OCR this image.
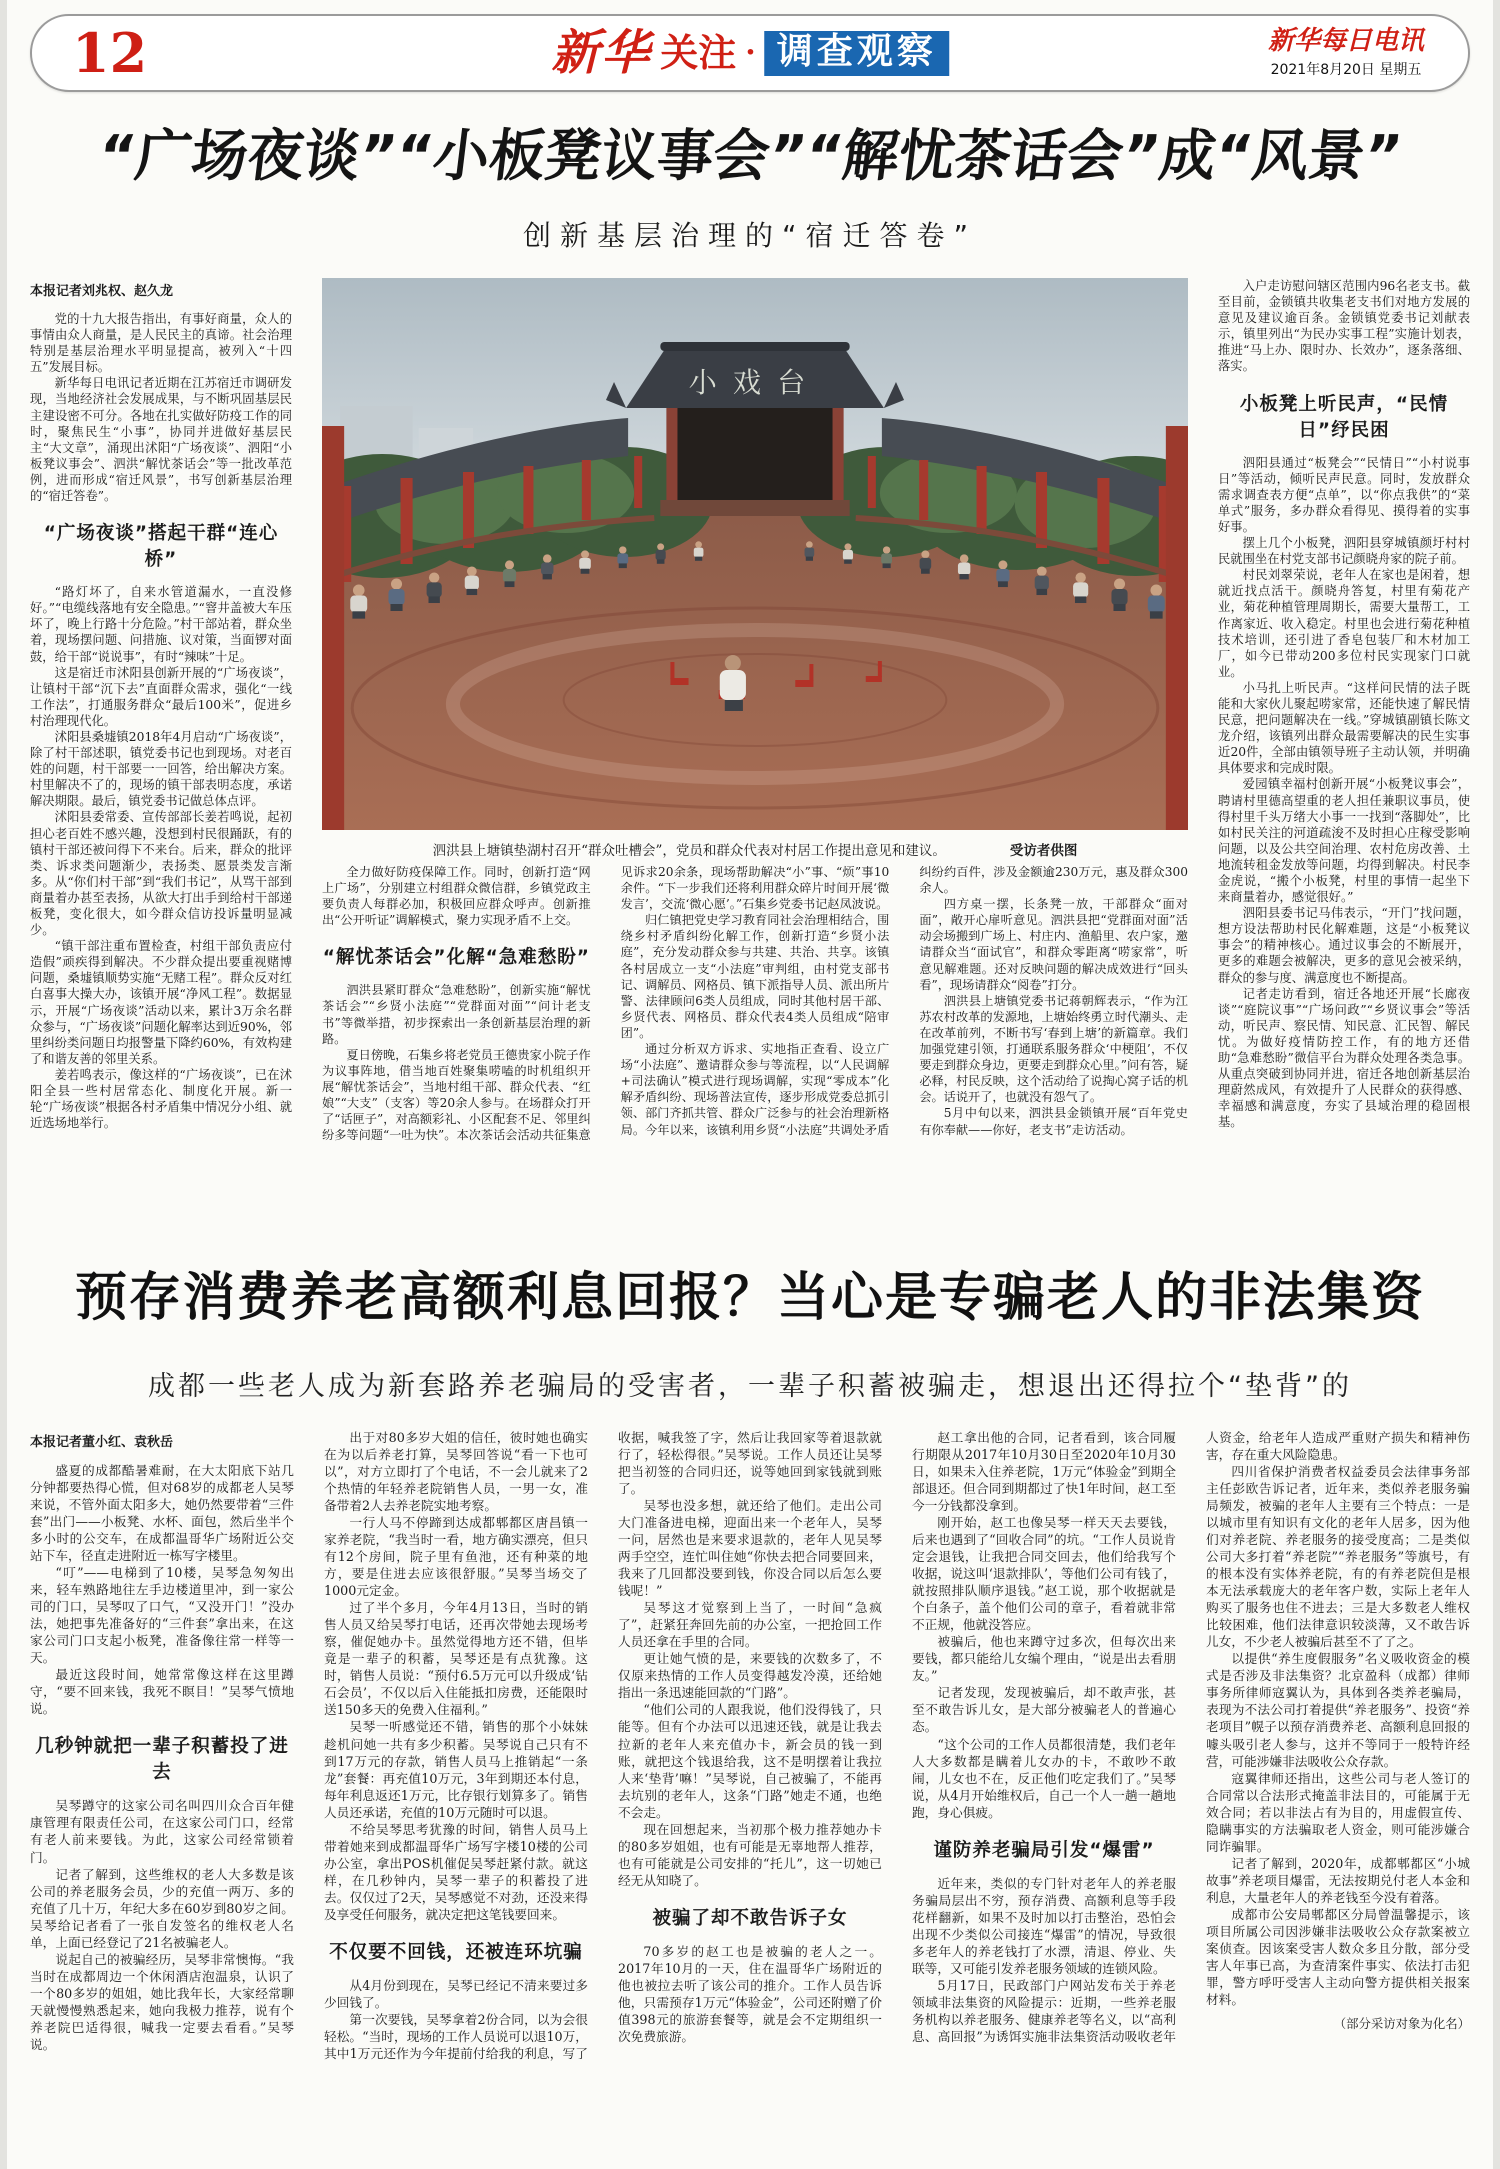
12	新华 关注 · 调查观察	新华每日电讯
2021年8月20日 星期五
“广场夜谈”“小板凳议事会”“解忧茶话会”成“风景”
创新基层治理的“宿迁答卷”

本报记者刘兆权、赵久龙

党的十九大报告指出，有事好商量，众人的事情由众人商量，是人民民主的真谛。社会治理特别是基层治理水平明显提高，被列入“十四五”发展目标。

新华每日电讯记者近期在江苏宿迁市调研发现，当地经济社会发展成果，与不断巩固基层民主建设密不可分。各地在扎实做好防疫工作的同时，聚焦民生“小事”，协同并进做好基层民主“大文章”，涌现出沭阳“广场夜谈”、泗阳“小板凳议事会”、泗洪“解忧茶话会”等一批改革范例，进而形成“宿迁风景”，书写创新基层治理的“宿迁答卷”。

“广场夜谈”搭起干群“连心桥”

“路灯坏了，自来水管道漏水，一直没修好。”“电缆线落地有安全隐患。”“窨井盖被大车压坏了，晚上行路十分危险。”村干部站着，群众坐着，现场摆问题、问措施、议对策，当面锣对面鼓，给干部“说说事”，有时“辣味”十足。

这是宿迁市沭阳县创新开展的“广场夜谈”，让镇村干部“沉下去”直面群众需求，强化“一线工作法”，打通服务群众“最后100米”，促进乡村治理现代化。

沭阳县桑墟镇2018年4月启动“广场夜谈”，除了村干部述职，镇党委书记也到现场。对老百姓的问题，村干部要一一回答，给出解决方案。村里解决不了的，现场的镇干部表明态度，承诺解决期限。最后，镇党委书记做总体点评。

沭阳县委常委、宣传部部长姜若鸣说，起初担心老百姓不感兴趣，没想到村民很踊跃，有的镇村干部还被问得下不来台。后来，群众的批评类、诉求类问题渐少，表扬类、愿景类发言渐多。从“你们村干部”到“我们书记”，从骂干部到商量着办甚至表扬，从欲大打出手到给村干部递板凳，变化很大，如今群众信访投诉量明显减少。

“镇干部注重布置检查，村组干部负责应付造假”顽疾得到解决。不少群众提出要重视赌博问题，桑墟镇顺势实施“无赌工程”。群众反对红白喜事大操大办，该镇开展“净风工程”。数据显示，开展“广场夜谈”活动以来，累计3万余名群众参与，“广场夜谈”问题化解率达到近90%，邻里纠纷类问题日均报警量下降约60%，有效构建了和谐友善的邻里关系。

姜若鸣表示，像这样的“广场夜谈”，已在沭阳全县一些村居常态化、制度化开展。新一轮“广场夜谈”根据各村矛盾集中情况分小组、就近选场地举行。

小戏台
泗洪县上塘镇垫湖村召开“群众吐槽会”，党员和群众代表对村居工作提出意见和建议。	受访者供图

全力做好防疫保障工作。同时，创新打造“网上广场”，分别建立村组群众微信群，乡镇党政主要负责人每群必加，积极回应群众呼声。创新推出“公开听证”调解模式，聚力实现矛盾不上交。

“解忧茶话会”化解“急难愁盼”

泗洪县紧盯群众“急难愁盼”，创新实施“解忧茶话会”“乡贤小法庭”“党群面对面”“问计老支书”等微举措，初步探索出一条创新基层治理的新路。

夏日傍晚，石集乡将老党员王德贵家小院子作为议事阵地，借当地百姓聚集唠嗑的时机组织开展“解忧茶话会”，当地村组干部、群众代表、“红娘”“大支”（支客）等20余人参与。在场群众打开了“话匣子”，对高额彩礼、小区配套不足、邻里纠纷多等问题“一吐为快”。本次茶话会活动共征集意见诉求20余条，现场帮助解决“小”事、“烦”事10余件。“下一步我们还将利用群众碎片时间开展‘微发言’，交流‘微心愿’。”石集乡党委书记赵凤波说。

归仁镇把党史学习教育同社会治理相结合，围绕乡村矛盾纠纷化解工作，创新打造“乡贤小法庭”，充分发动群众参与共建、共治、共享。该镇各村居成立一支“小法庭”审判组，由村党支部书记、调解员、网格员、镇下派指导人员、派出所片警、法律顾问6类人员组成，同时其他村居干部、乡贤代表、网格员、群众代表4类人员组成“陪审团”。

通过分析双方诉求、实地指正查看、设立广场“小法庭”、邀请群众参与等流程，以“人民调解+司法确认”模式进行现场调解，实现“零成本”化解矛盾纠纷、现场普法宣传，逐步形成党委总抓引领、部门齐抓共管、群众广泛参与的社会治理新格局。今年以来，该镇利用乡贤“小法庭”共调处矛盾纠纷约百件，涉及金额逾230万元，惠及群众300余人。

四方桌一摆，长条凳一放，干部群众“面对面”，敞开心扉听意见。泗洪县把“党群面对面”活动会场搬到广场上、村庄内、渔船里、农户家，邀请群众当“面试官”，和群众零距离“唠家常”，听意见解难题。还对反映问题的解决成效进行“回头看”，现场请群众“阅卷”打分。

泗洪县上塘镇党委书记蒋朝辉表示，“作为江苏农村改革的发源地，上塘始终勇立时代潮头、走在改革前列，不断书写‘春到上塘’的新篇章。我们加强党建引领，打通联系服务群众‘中梗阻’，不仅要走到群众身边，更要走到群众心里。”问有答，疑必释，村民反映，这个活动给了说掏心窝子话的机会。话说开了，也就没有怨气了。

5月中旬以来，泗洪县金锁镇开展“百年党史有你奉献——你好，老支书”走访活动。

入户走访慰问辖区范围内96名老支书。截至目前，金锁镇共收集老支书们对地方发展的意见及建议逾百条。金锁镇党委书记刘献表示，镇里列出“为民办实事工程”实施计划表，推进“马上办、限时办、长效办”，逐条落细、落实。

小板凳上听民声，“民情日”纾民困

泗阳县通过“板凳会”“民情日”“小村说事日”等活动，倾听民声民意。同时，发放群众需求调查表方便“点单”，以“你点我供”的“菜单式”服务，多办群众看得见、摸得着的实事好事。

摆上几个小板凳，泗阳县穿城镇颜圩村村民就围坐在村党支部书记颜晓舟家的院子前。

村民刘翠荣说，老年人在家也是闲着，想就近找点活干。颜晓舟答复，村里有菊花产业，菊花种植管理周期长，需要大量帮工，工作离家近、收入稳定。村里也会进行菊花种植技术培训，还引进了香皂包装厂和木材加工厂，如今已带动200多位村民实现家门口就业。

小马扎上听民声。“这样问民情的法子既能和大家伙儿聚起唠家常，还能快速了解民情民意，把问题解决在一线。”穿城镇副镇长陈文龙介绍，该镇列出群众最需要解决的民生实事近20件，全部由镇领导班子主动认领，并明确具体要求和完成时限。

爱园镇幸福村创新开展“小板凳议事会”，聘请村里德高望重的老人担任兼职议事员，使得村里千头万绪大小事一一找到“落脚处”，比如村民关注的河道疏浚不及时担心庄稼受影响问题，以及公共空间治理、农村危房改善、土地流转租金发放等问题，均得到解决。村民李金虎说，“搬个小板凳，村里的事情一起坐下来商量着办，感觉很好。”

泗阳县委书记马伟表示，“开门”找问题，想方设法帮助村民化解难题，这是“小板凳议事会”的精神核心。通过议事会的不断展开，更多的难题会被解决，更多的意见会被采纳，群众的参与度、满意度也不断提高。

记者走访看到，宿迁各地还开展“长廊夜谈”“庭院议事”“广场问政”“乡贤议事会”等活动，听民声、察民情、知民意、汇民智、解民忧。为做好疫情防控工作，有的地方还借助“急难愁盼”微信平台为群众处理各类急事。从重点突破到协同并进，宿迁各地创新基层治理蔚然成风，有效提升了人民群众的获得感、幸福感和满意度，夯实了县域治理的稳固根基。

预存消费养老高额利息回报？当心是专骗老人的非法集资
成都一些老人成为新套路养老骗局的受害者，一辈子积蓄被骗走，想退出还得拉个“垫背”的

本报记者董小红、袁秋岳

盛夏的成都酷暑难耐，在大太阳底下站几分钟都要热得心慌，但对68岁的成都老人吴琴来说，不管外面太阳多大，她仍然要带着“三件套”出门——小板凳、水杯、面包，然后坐半个多小时的公交车，在成都温哥华广场附近公交站下车，径直走进附近一栋写字楼里。

“叮”——电梯到了10楼，吴琴急匆匆出来，轻车熟路地往左手边楼道里冲，到一家公司的门口，吴琴叹了口气，“又没开门！”没办法，她把事先准备好的“三件套”拿出来，在这家公司门口支起小板凳，准备像往常一样等一天。

最近这段时间，她常常像这样在这里蹲守，“要不回来钱，我死不瞑目！”吴琴气愤地说。

几秒钟就把一辈子积蓄投了进去

吴琴蹲守的这家公司名叫四川众合百年健康管理有限责任公司，在这家公司门口，经常有老人前来要钱。为此，这家公司经常锁着门。

记者了解到，这些维权的老人大多数是该公司的养老服务会员，少的充值一两万、多的充值了几十万，年纪大多在60岁到80岁之间。吴琴给记者看了一张自发签名的维权老人名单，上面已经登记了21名被骗老人。

说起自己的被骗经历，吴琴非常懊悔。“我当时在成都周边一个休闲酒店泡温泉，认识了一个80多岁的姐姐，她比我年长，大家经常聊天就慢慢熟悉起来，她向我极力推荐，说有个养老院巴适得很，喊我一定要去看看。”吴琴说。

出于对80多岁大姐的信任，彼时她也确实在为以后养老打算，吴琴回答说“看一下也可以”，对方立即打了个电话，不一会儿就来了2个热情的年轻养老院销售人员，一男一女，准备带着2人去养老院实地考察。

一行人马不停蹄到达成都郫都区唐昌镇一家养老院，“我当时一看，地方确实漂亮，但只有12个房间，院子里有鱼池，还有种菜的地方，要是住进去应该很舒服。”吴琴当场交了1000元定金。

过了半个多月，今年4月13日，当时的销售人员又给吴琴打电话，还再次带她去现场考察，催促她办卡。虽然觉得地方还不错，但毕竟是一辈子的积蓄，吴琴还是有点犹豫。这时，销售人员说：“预付6.5万元可以升级成‘钻石会员’，不仅以后入住能抵扣房费，还能限时送150多天的免费入住福利。”

吴琴一听感觉还不错，销售的那个小妹妹趁机问她一共有多少积蓄。吴琴说自己只有不到17万元的存款，销售人员马上推销起“一条龙”套餐：再充值10万元，3年到期还本付息，每年利息返还1万元，比存银行划算多了。销售人员还承诺，充值的10万元随时可以退。

不给吴琴思考犹豫的时间，销售人员马上带着她来到成都温哥华广场写字楼10楼的公司办公室，拿出POS机催促吴琴赶紧付款。就这样，在几秒钟内，吴琴一辈子的积蓄投了进去。仅仅过了2天，吴琴感觉不对劲，还没来得及享受任何服务，就决定把这笔钱要回来。

不仅要不回钱，还被连环坑骗

从4月份到现在，吴琴已经记不清来要过多少回钱了。

第一次要钱，吴琴拿着2份合同，以为会很轻松。“当时，现场的工作人员说可以退10万，其中1万元还作为今年提前付给我的利息，写了收据，喊我签了字，然后让我回家等着退款就行了，轻松得很。”吴琴说。工作人员还让吴琴把当初签的合同归还，说等她回到家钱就到账了。

吴琴也没多想，就还给了他们。走出公司大门准备进电梯，迎面出来一个老年人，吴琴一问，居然也是来要求退款的，老年人见吴琴两手空空，连忙叫住她“你快去把合同要回来，我来了几回都没要到钱，你没合同以后怎么要钱呢！”

吴琴这才觉察到上当了，一时间“急疯了”，赶紧狂奔回先前的办公室，一把抢回工作人员还拿在手里的合同。

更让她气愤的是，来要钱的次数多了，不仅原来热情的工作人员变得越发冷漠，还给她指出一条迅速能回款的“门路”。

“他们公司的人跟我说，他们没得钱了，只能等。但有个办法可以迅速还钱，就是让我去拉新的老年人来充值办卡，新会员的钱一到账，就把这个钱退给我，这不是明摆着让我拉人来‘垫背’嘛！”吴琴说，自己被骗了，不能再去坑别的老年人，这条“门路”她走不通，也绝不会走。

现在回想起来，当初那个极力推荐她办卡的80多岁姐姐，也有可能是无辜地帮人推荐，也有可能就是公司安排的“托儿”，这一切她已经无从知晓了。

被骗了却不敢告诉子女

70多岁的赵工也是被骗的老人之一。2017年10月的一天，住在温哥华广场附近的他也被拉去听了该公司的推介。工作人员告诉他，只需预存1万元“体验金”，公司还附赠了价值398元的旅游套餐等，就是会不定期组织一次免费旅游。

赵工拿出他的合同，记者看到，该合同履行期限从2017年10月30日至2020年10月30日，如果未入住养老院，1万元“体验金”到期全部退还。但合同到期都过了快1年时间，赵工至今一分钱都没拿到。

刚开始，赵工也像吴琴一样天天去要钱，后来也遇到了“回收合同”的坑。“工作人员说肯定会退钱，让我把合同交回去，他们给我写个收据，说这叫‘退款排队’，等他们公司有钱了，就按照排队顺序退钱。”赵工说，那个收据就是个白条子，盖个他们公司的章子，看着就非常不正规，他就没答应。

被骗后，他也来蹲守过多次，但每次出来要钱，都只能给儿女编个理由，“说是出去看朋友。”

记者发现，发现被骗后，却不敢声张，甚至不敢告诉儿女，是大部分被骗老人的普遍心态。

“这个公司的工作人员都很清楚，我们老年人大多数都是瞒着儿女办的卡，不敢吵不敢闹，儿女也不在，反正他们吃定我们了。”吴琴说，从4月开始维权后，自己一个人一趟一趟地跑，身心俱疲。

谨防养老骗局引发“爆雷”

近年来，类似的专门针对老年人的养老服务骗局层出不穷，预存消费、高额利息等手段花样翻新，如果不及时加以打击整治，恐怕会出现不少类似公司接连“爆雷”的情况，导致很多老年人的养老钱打了水漂，清退、停业、失联等，又可能引发养老服务领域的连锁风险。

5月17日，民政部门户网站发布关于养老领域非法集资的风险提示：近期，一些养老服务机构以养老服务、健康养老等名义，以“高利息、高回报”为诱饵实施非法集资活动吸收老年人资金，给老年人造成严重财产损失和精神伤害，存在重大风险隐患。

四川省保护消费者权益委员会法律事务部主任彭欧告诉记者，近年来，类似养老服务骗局频发，被骗的老年人主要有三个特点：一是以城市里有知识有文化的老年人居多，因为他们对养老院、养老服务的接受度高；二是类似公司大多打着“养老院”“养老服务”等旗号，有的根本没有实体养老院，有的有养老院但是根本无法承载庞大的老年客户数，实际上老年人购买了服务也住不进去；三是大多数老人维权比较困难，他们法律意识较淡薄，又不敢告诉儿女，不少老人被骗后甚至不了了之。

以提供“养生度假服务”名义吸收资金的模式是否涉及非法集资？北京盈科（成都）律师事务所律师寇翼认为，具体到各类养老骗局，表现为不法公司打着提供“养老服务”、投资“养老项目”幌子以预存消费养老、高额利息回报的噱头吸引老人参与，这并不等同于一般特许经营，可能涉嫌非法吸收公众存款。

寇翼律师还指出，这些公司与老人签订的合同常以合法形式掩盖非法目的，可能属于无效合同；若以非法占有为目的，用虚假宣传、隐瞒事实的方法骗取老人资金，则可能涉嫌合同诈骗罪。

记者了解到，2020年，成都郫都区“小城故事”养老项目爆雷，无法按期兑付老人本金和利息，大量老年人的养老钱至今没有着落。

成都市公安局郫都区分局曾温馨提示，该项目所属公司因涉嫌非法吸收公众存款案被立案侦查。因该案受害人数众多且分散，部分受害人年事已高，为查清案件事实、依法打击犯罪，警方呼吁受害人主动向警方提供相关报案材料。

（部分采访对象为化名）
